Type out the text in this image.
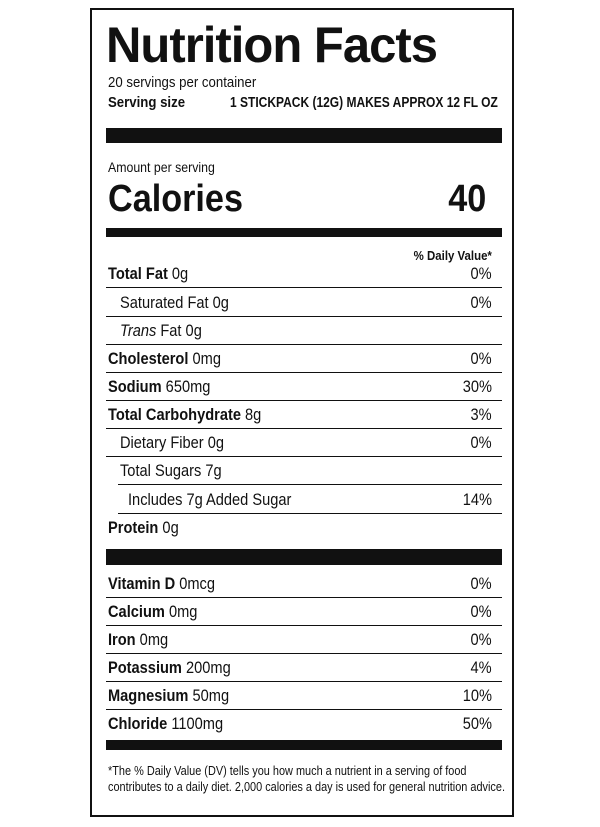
Nutrition Facts
20 servings per container
Serving size	1 STICKPACK (12G) MAKES APPROX 12 FL OZ
Amount per serving
Calories	40
% Daily Value*
Total Fat 0g	0%
Saturated Fat 0g	0%
Trans Fat 0g
Cholesterol 0mg	0%
Sodium 650mg	30%
Total Carbohydrate 8g	3%
Dietary Fiber 0g	0%
Total Sugars 7g
Includes 7g Added Sugar	14%
Protein 0g
Vitamin D 0mcg	0%
Calcium 0mg	0%
Iron 0mg	0%
Potassium 200mg	4%
Magnesium 50mg	10%
Chloride 1100mg	50%
*The % Daily Value (DV) tells you how much a nutrient in a serving of food contributes to a daily diet. 2,000 calories a day is used for general nutrition advice.
